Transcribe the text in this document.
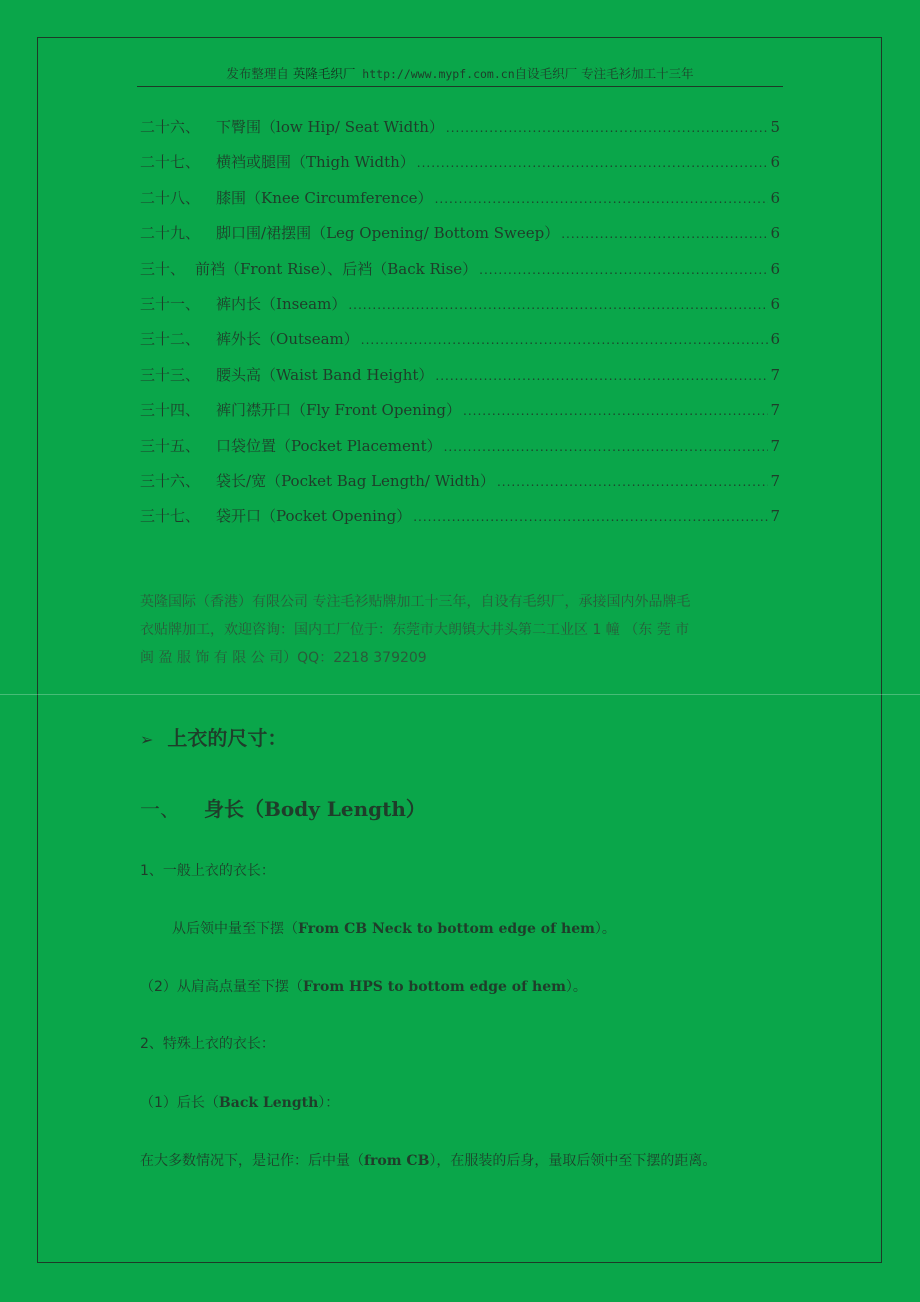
发布整理自 英隆毛织厂 http://www.mypf.com.cn自设毛织厂 专注毛衫加工十三年
二十六、 下臀围（low Hip/ Seat Width） .....	5
二十七、 横裆或腿围（Thigh Width） .....	6
二十八、 膝围（Knee Circumference） .....	6
二十九、 脚口围/裙摆围（Leg Opening/ Bottom Sweep） .....	6
三十、 前裆（Front Rise）、后裆（Back Rise） .....	6
三十一、 裤内长（Inseam） .....	6
三十二、 裤外长（Outseam） .....	6
三十三、 腰头高（Waist Band Height） .....	7
三十四、 裤门襟开口（Fly Front Opening） .....	7
三十五、 口袋位置（Pocket Placement） .....	7
三十六、 袋长/宽（Pocket Bag Length/ Width） .....	7
三十七、 袋开口（Pocket Opening） .....	7
英隆国际（香港）有限公司 专注毛衫贴牌加工十三年，自设有毛织厂，承接国内外品牌毛
衣贴牌加工，欢迎咨询：国内工厂位于：东莞市大朗镇大井头第二工业区 1 幢 （东 莞 市
闽 盈 服 饰 有 限 公 司）QQ：2218 379209
➢ 上衣的尺寸：
一、 身长（Body Length）
1、一般上衣的衣长：
从后领中量至下摆（From CB Neck to bottom edge of hem）。
（2）从肩高点量至下摆（From HPS to bottom edge of hem）。
2、特殊上衣的衣长：
（1）后长（Back Length）：
在大多数情况下，是记作：后中量（from CB），在服装的后身，量取后领中至下摆的距离。
